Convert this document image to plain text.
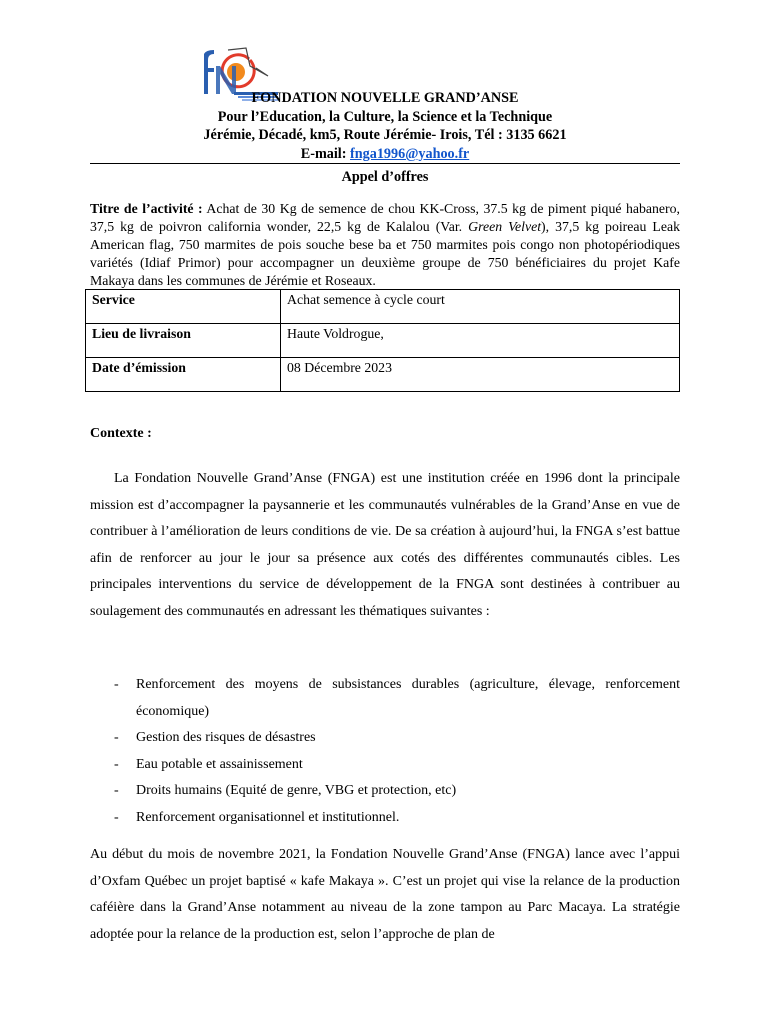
FONDATION NOUVELLE GRAND’ANSE
Pour l’Education, la Culture, la Science et la Technique
Jérémie, Décadé, km5, Route Jérémie- Irois, Tél : 3135 6621
E-mail: fnga1996@yahoo.fr
Appel d’offres
Titre de l’activité : Achat de 30 Kg de semence de chou KK-Cross, 37.5 kg de piment piqué habanero, 37,5 kg de poivron california wonder, 22,5 kg de Kalalou (Var. Green Velvet), 37,5 kg poireau Leak American flag, 750 marmites de pois souche bese ba et 750 marmites pois congo non photopériodiques variétés (Idiaf Primor) pour accompagner un deuxième groupe de 750 bénéficiaires du projet Kafe Makaya dans les communes de Jérémie et Roseaux.
Service	Achat semence à cycle court
Lieu de livraison	Haute Voldrogue,
Date d’émission	08 Décembre 2023
Contexte :
La Fondation Nouvelle Grand’Anse (FNGA) est une institution créée en 1996 dont la principale mission est d’accompagner la paysannerie et les communautés vulnérables de la Grand’Anse en vue de contribuer à l’amélioration de leurs conditions de vie. De sa création à aujourd’hui, la FNGA s’est battue afin de renforcer au jour le jour sa présence aux cotés des différentes communautés cibles. Les principales interventions du service de développement de la FNGA sont destinées à contribuer au soulagement des communautés en adressant les thématiques suivantes :
- Renforcement des moyens de subsistances durables (agriculture, élevage, renforcement économique)
- Gestion des risques de désastres
- Eau potable et assainissement
- Droits humains (Equité de genre, VBG et protection, etc)
- Renforcement organisationnel et institutionnel.
Au début du mois de novembre 2021, la Fondation Nouvelle Grand’Anse (FNGA) lance avec l’appui d’Oxfam Québec un projet baptisé « kafe Makaya ». C’est un projet qui vise la relance de la production caféière dans la Grand’Anse notamment au niveau de la zone tampon au Parc Macaya. La stratégie adoptée pour la relance de la production est, selon l’approche de plan de
